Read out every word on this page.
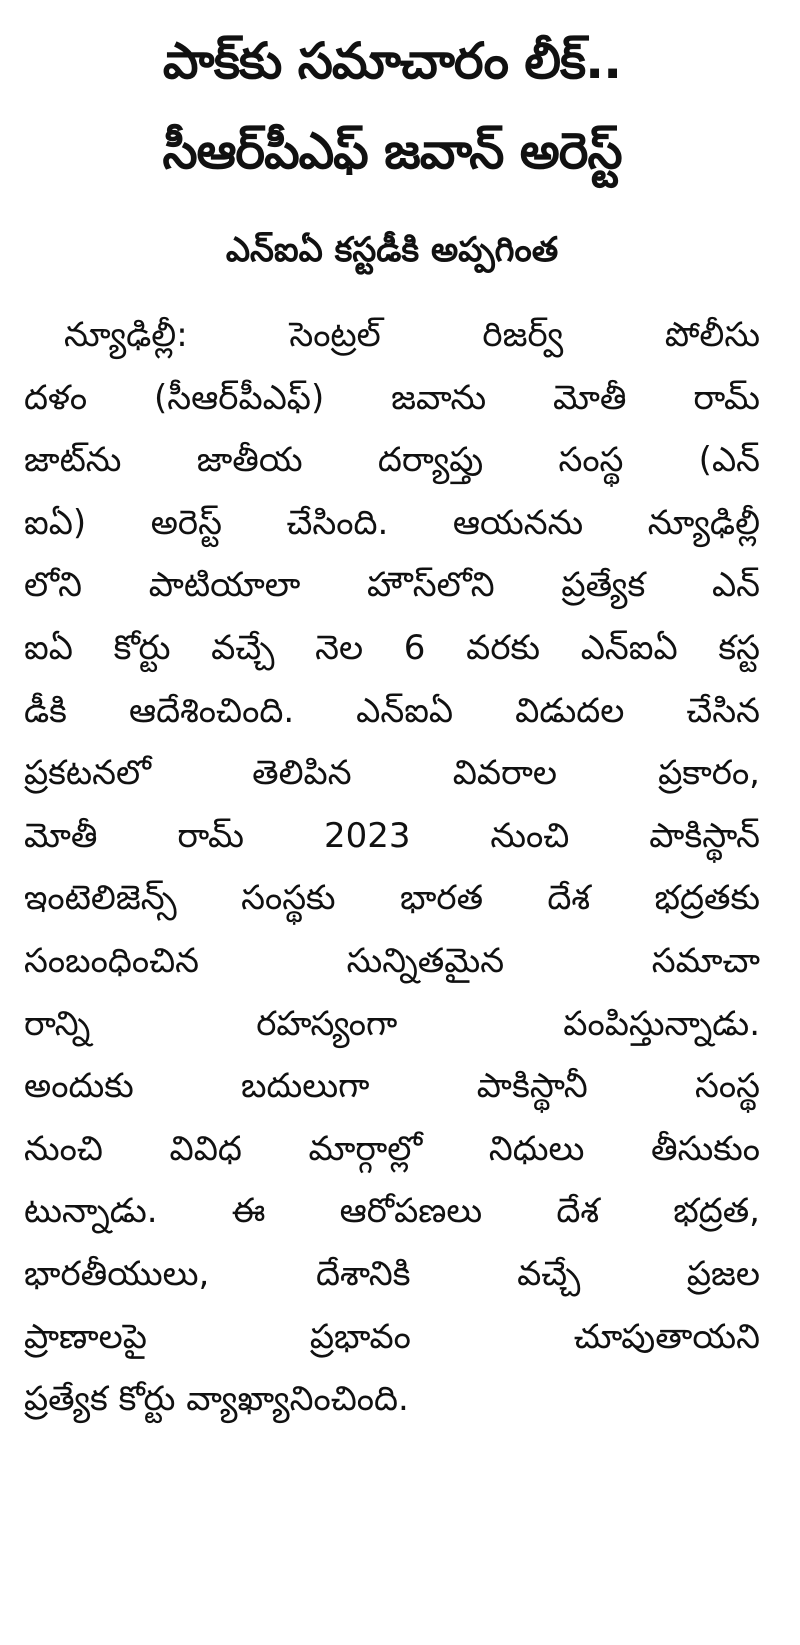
పాక్‌కు సమాచారం లీక్..
సీఆర్‌పీఎఫ్ జవాన్ అరెస్ట్
ఎన్ఐఏ కస్టడీకి అప్పగింత
న్యూఢిల్లీ: సెంట్రల్ రిజర్వ్ పోలీసు
దళం (సీఆర్‌పీఎఫ్) జవాను మోతీ రామ్
జాట్‌ను జాతీయ దర్యాప్తు సంస్థ (ఎన్
ఐఏ) అరెస్ట్ చేసింది. ఆయనను న్యూఢిల్లీ
లోని పాటియాలా హౌస్‌లోని ప్రత్యేక ఎన్
ఐఏ కోర్టు వచ్చే నెల 6 వరకు ఎన్ఐఏ కస్ట
డీకి ఆదేశించింది. ఎన్ఐఏ విడుదల చేసిన
ప్రకటనలో తెలిపిన వివరాల ప్రకారం,
మోతీ రామ్ 2023 నుంచి పాకిస్థాన్
ఇంటెలిజెన్స్ సంస్థకు భారత దేశ భద్రతకు
సంబంధించిన సున్నితమైన సమాచా
రాన్ని రహస్యంగా పంపిస్తున్నాడు.
అందుకు బదులుగా పాకిస్థానీ సంస్థ
నుంచి వివిధ మార్గాల్లో నిధులు తీసుకుం
టున్నాడు. ఈ ఆరోపణలు దేశ భద్రత,
భారతీయులు, దేశానికి వచ్చే ప్రజల
ప్రాణాలపై ప్రభావం చూపుతాయని
ప్రత్యేక కోర్టు వ్యాఖ్యానించింది.
